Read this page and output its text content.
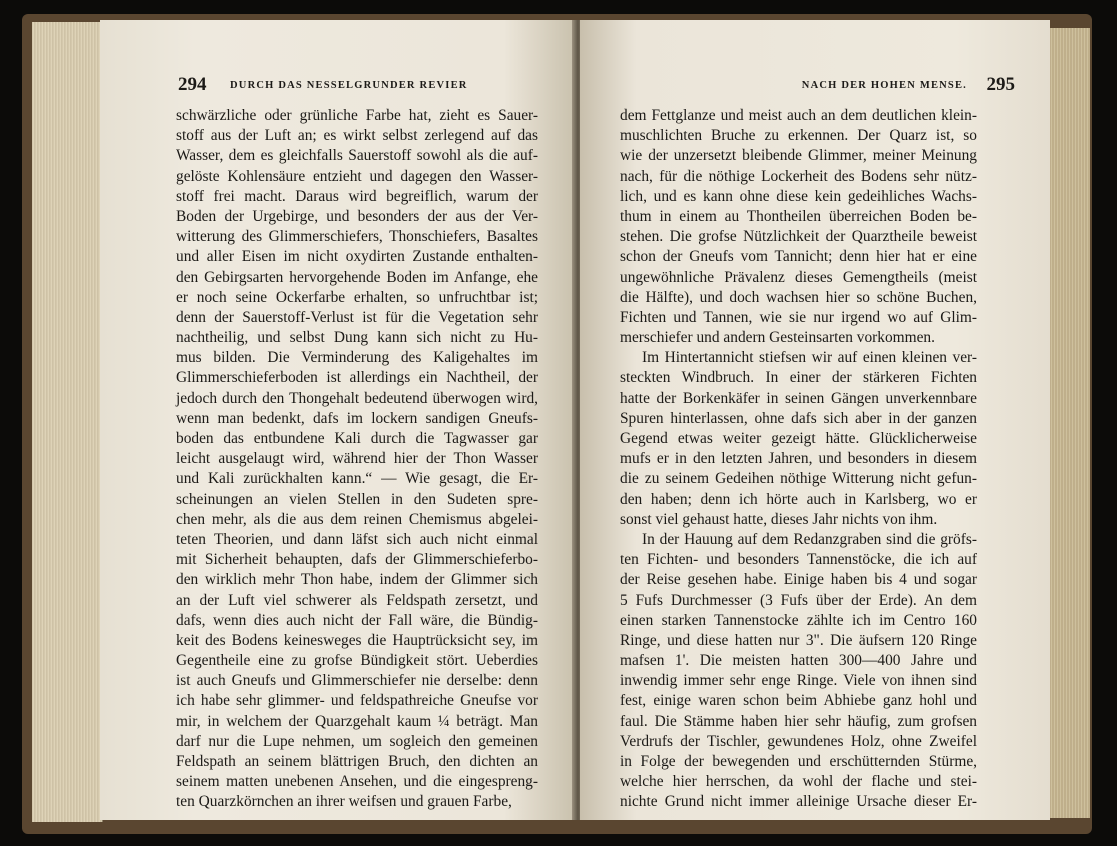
294 DURCH DAS NESSELGRUNDER REVIER
schwärzliche oder grünliche Farbe hat, zieht es Sauer-
stoff aus der Luft an; es wirkt selbst zerlegend auf das
Wasser, dem es gleichfalls Sauerstoff sowohl als die auf-
gelöste Kohlensäure entzieht und dagegen den Wasser-
stoff frei macht. Daraus wird begreiflich, warum der
Boden der Urgebirge, und besonders der aus der Ver-
witterung des Glimmerschiefers, Thonschiefers, Basaltes
und aller Eisen im nicht oxydirten Zustande enthalten-
den Gebirgsarten hervorgehende Boden im Anfange, ehe
er noch seine Ockerfarbe erhalten, so unfruchtbar ist;
denn der Sauerstoff-Verlust ist für die Vegetation sehr
nachtheilig, und selbst Dung kann sich nicht zu Hu-
mus bilden. Die Verminderung des Kaligehaltes im
Glimmerschieferboden ist allerdings ein Nachtheil, der
jedoch durch den Thongehalt bedeutend überwogen wird,
wenn man bedenkt, dafs im lockern sandigen Gneufs-
boden das entbundene Kali durch die Tagwasser gar
leicht ausgelaugt wird, während hier der Thon Wasser
und Kali zurückhalten kann.“ — Wie gesagt, die Er-
scheinungen an vielen Stellen in den Sudeten spre-
chen mehr, als die aus dem reinen Chemismus abgelei-
teten Theorien, und dann läfst sich auch nicht einmal
mit Sicherheit behaupten, dafs der Glimmerschieferbo-
den wirklich mehr Thon habe, indem der Glimmer sich
an der Luft viel schwerer als Feldspath zersetzt, und
dafs, wenn dies auch nicht der Fall wäre, die Bündig-
keit des Bodens keinesweges die Hauptrücksicht sey, im
Gegentheile eine zu grofse Bündigkeit stört. Ueberdies
ist auch Gneufs und Glimmerschiefer nie derselbe: denn
ich habe sehr glimmer- und feldspathreiche Gneufse vor
mir, in welchem der Quarzgehalt kaum ¼ beträgt. Man
darf nur die Lupe nehmen, um sogleich den gemeinen
Feldspath an seinem blättrigen Bruch, den dichten an
seinem matten unebenen Ansehen, und die eingespreng-
ten Quarzkörnchen an ihrer weifsen und grauen Farbe,
NACH DER HOHEN MENSE. 295
dem Fettglanze und meist auch an dem deutlichen klein-
muschlichten Bruche zu erkennen. Der Quarz ist, so
wie der unzersetzt bleibende Glimmer, meiner Meinung
nach, für die nöthige Lockerheit des Bodens sehr nütz-
lich, und es kann ohne diese kein gedeihliches Wachs-
thum in einem au Thontheilen überreichen Boden be-
stehen. Die grofse Nützlichkeit der Quarztheile beweist
schon der Gneufs vom Tannicht; denn hier hat er eine
ungewöhnliche Prävalenz dieses Gemengtheils (meist
die Hälfte), und doch wachsen hier so schöne Buchen,
Fichten und Tannen, wie sie nur irgend wo auf Glim-
merschiefer und andern Gesteinsarten vorkommen.
Im Hintertannicht stiefsen wir auf einen kleinen ver-
steckten Windbruch. In einer der stärkeren Fichten
hatte der Borkenkäfer in seinen Gängen unverkennbare
Spuren hinterlassen, ohne dafs sich aber in der ganzen
Gegend etwas weiter gezeigt hätte. Glücklicherweise
mufs er in den letzten Jahren, und besonders in diesem
die zu seinem Gedeihen nöthige Witterung nicht gefun-
den haben; denn ich hörte auch in Karlsberg, wo er
sonst viel gehaust hatte, dieses Jahr nichts von ihm.
In der Hauung auf dem Redanzgraben sind die gröfs-
ten Fichten- und besonders Tannenstöcke, die ich auf
der Reise gesehen habe. Einige haben bis 4 und sogar
5 Fufs Durchmesser (3 Fufs über der Erde). An dem
einen starken Tannenstocke zählte ich im Centro 160
Ringe, und diese hatten nur 3". Die äufsern 120 Ringe
mafsen 1'. Die meisten hatten 300—400 Jahre und
inwendig immer sehr enge Ringe. Viele von ihnen sind
fest, einige waren schon beim Abhiebe ganz hohl und
faul. Die Stämme haben hier sehr häufig, zum grofsen
Verdrufs der Tischler, gewundenes Holz, ohne Zweifel
in Folge der bewegenden und erschütternden Stürme,
welche hier herrschen, da wohl der flache und stei-
nichte Grund nicht immer alleinige Ursache dieser Er-
